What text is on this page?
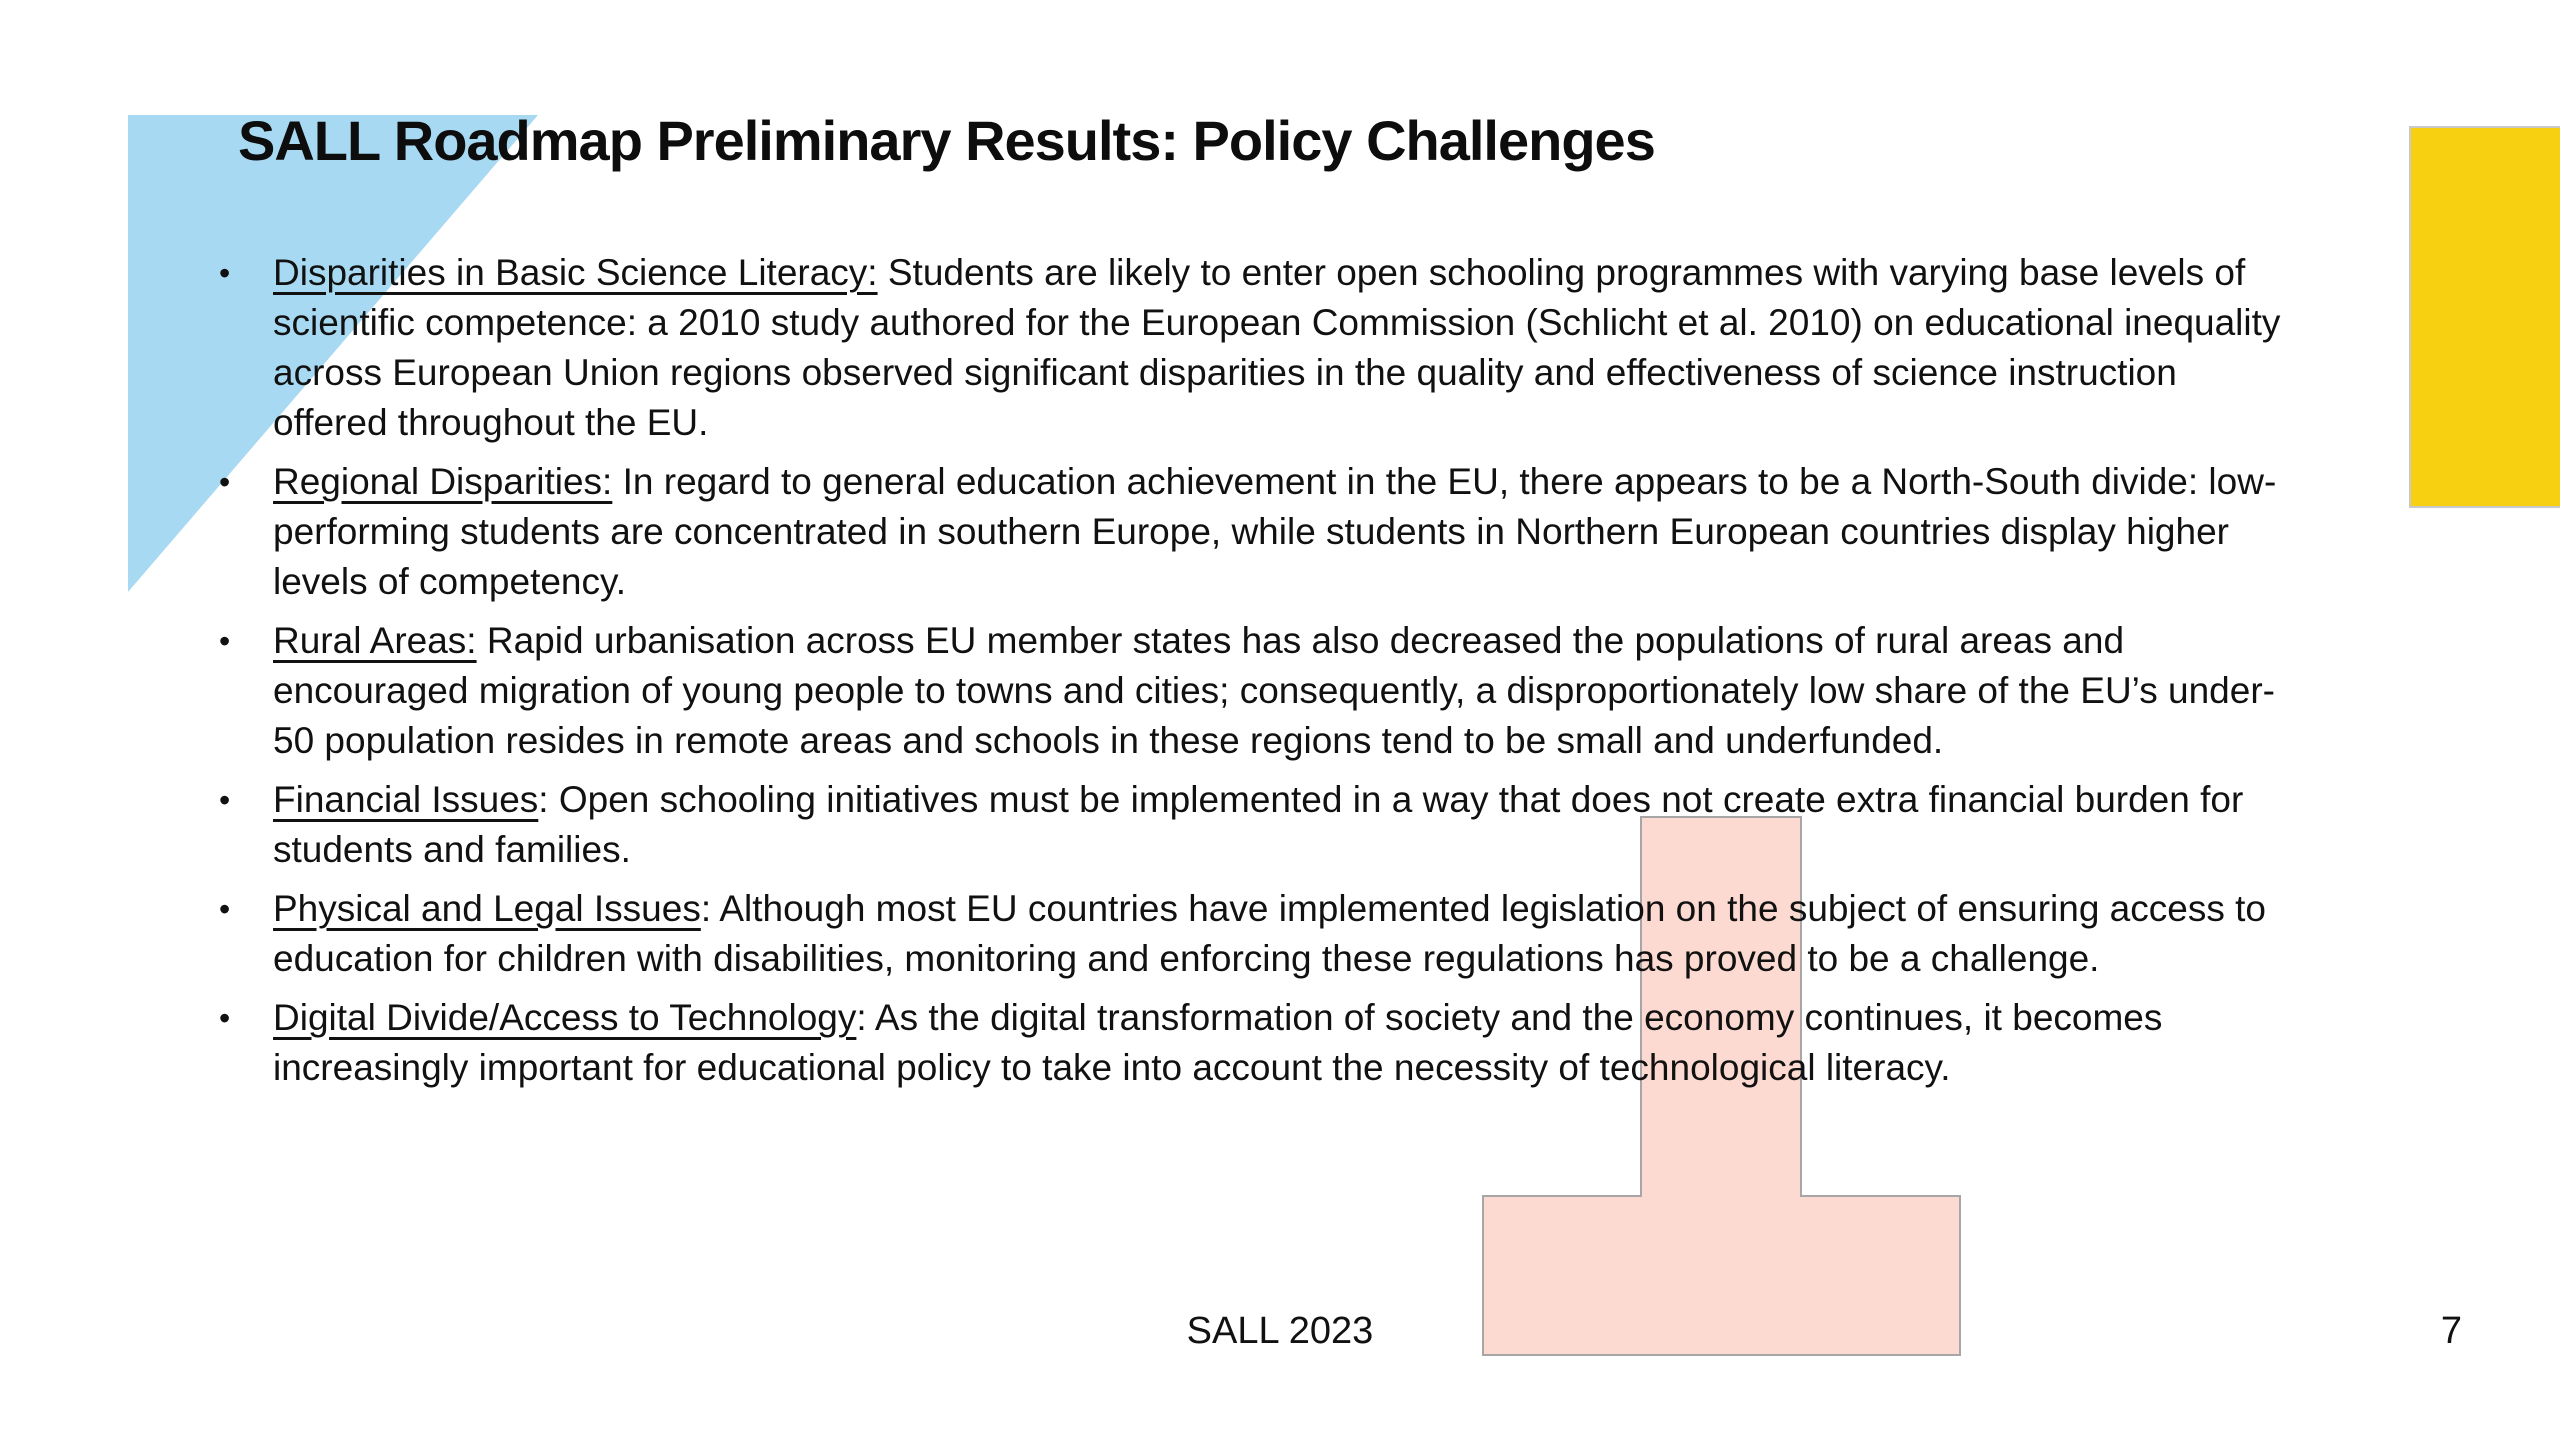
SALL Roadmap Preliminary Results: Policy Challenges
•	Disparities in Basic Science Literacy: Students are likely to enter open schooling programmes with varying base levels of scientific competence: a 2010 study authored for the European Commission (Schlicht et al. 2010) on educational inequality across European Union regions observed significant disparities in the quality and effectiveness of science instruction offered throughout the EU.
•	Regional Disparities: In regard to general education achievement in the EU, there appears to be a North-South divide: low-performing students are concentrated in southern Europe, while students in Northern European countries display higher levels of competency.
•	Rural Areas: Rapid urbanisation across EU member states has also decreased the populations of rural areas and encouraged migration of young people to towns and cities; consequently, a disproportionately low share of the EU’s under-50 population resides in remote areas and schools in these regions tend to be small and underfunded.
•	Financial Issues: Open schooling initiatives must be implemented in a way that does not create extra financial burden for students and families.
•	Physical and Legal Issues: Although most EU countries have implemented legislation on the subject of ensuring access to education for children with disabilities, monitoring and enforcing these regulations has proved to be a challenge.
•	Digital Divide/Access to Technology: As the digital transformation of society and the economy continues, it becomes increasingly important for educational policy to take into account the necessity of technological literacy.
SALL 2023	7
